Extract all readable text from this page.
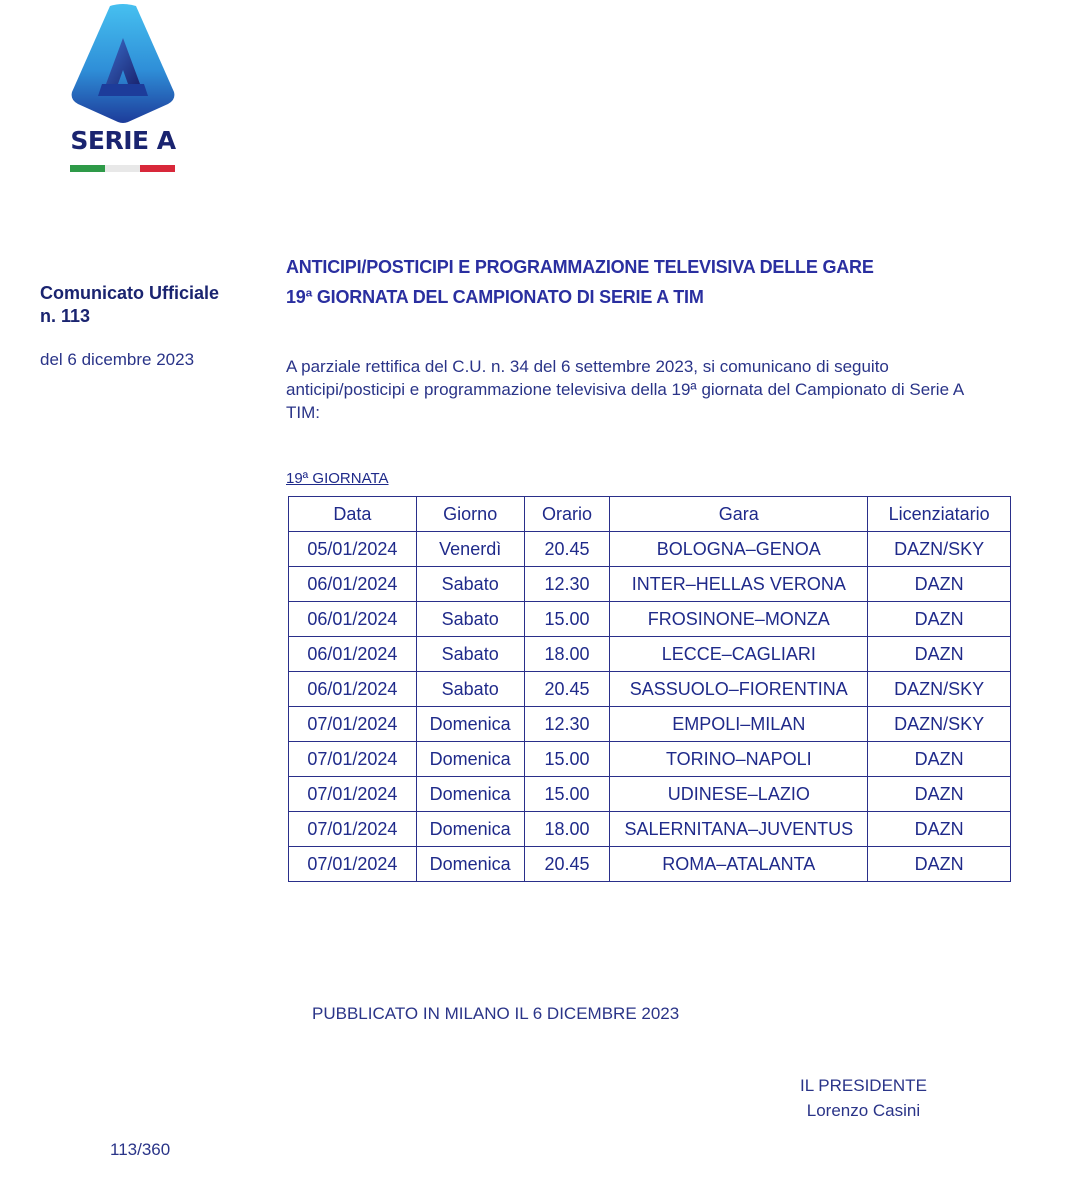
SERIE A
Comunicato Ufficiale
n. 113
del 6 dicembre 2023
ANTICIPI/POSTICIPI E PROGRAMMAZIONE TELEVISIVA DELLE GARE
19ª GIORNATA DEL CAMPIONATO DI SERIE A TIM
A parziale rettifica del C.U. n. 34 del 6 settembre 2023, si comunicano di seguito anticipi/posticipi e programmazione televisiva della 19ª giornata del Campionato di Serie A TIM:
19ª GIORNATA
Data	Giorno	Orario	Gara	Licenziatario
05/01/2024	Venerdì	20.45	BOLOGNA–GENOA	DAZN/SKY
06/01/2024	Sabato	12.30	INTER–HELLAS VERONA	DAZN
06/01/2024	Sabato	15.00	FROSINONE–MONZA	DAZN
06/01/2024	Sabato	18.00	LECCE–CAGLIARI	DAZN
06/01/2024	Sabato	20.45	SASSUOLO–FIORENTINA	DAZN/SKY
07/01/2024	Domenica	12.30	EMPOLI–MILAN	DAZN/SKY
07/01/2024	Domenica	15.00	TORINO–NAPOLI	DAZN
07/01/2024	Domenica	15.00	UDINESE–LAZIO	DAZN
07/01/2024	Domenica	18.00	SALERNITANA–JUVENTUS	DAZN
07/01/2024	Domenica	20.45	ROMA–ATALANTA	DAZN
PUBBLICATO IN MILANO IL 6 DICEMBRE 2023
IL PRESIDENTE
Lorenzo Casini
113/360
